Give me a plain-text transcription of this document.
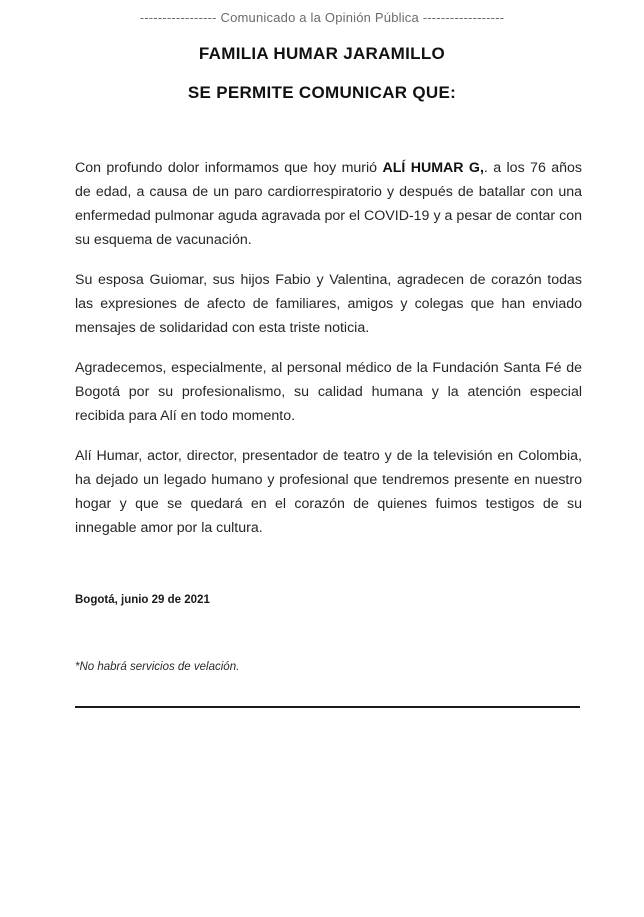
----------------- Comunicado a la Opinión Pública ------------------
FAMILIA HUMAR JARAMILLO
SE PERMITE COMUNICAR QUE:

Con profundo dolor informamos que hoy murió ALÍ HUMAR G,. a los 76 años de edad, a causa de un paro cardiorrespiratorio y después de batallar con una enfermedad pulmonar aguda agravada por el COVID-19 y a pesar de contar con su esquema de vacunación.

Su esposa Guiomar, sus hijos Fabio y Valentina, agradecen de corazón todas las expresiones de afecto de familiares, amigos y colegas que han enviado mensajes de solidaridad con esta triste noticia.

Agradecemos, especialmente, al personal médico de la Fundación Santa Fé de Bogotá por su profesionalismo, su calidad humana y la atención especial recibida para Alí en todo momento.

Alí Humar, actor, director, presentador de teatro y de la televisión en Colombia, ha dejado un legado humano y profesional que tendremos presente en nuestro hogar y que se quedará en el corazón de quienes fuimos testigos de su innegable amor por la cultura.

Bogotá, junio 29 de 2021
*No habrá servicios de velación.
